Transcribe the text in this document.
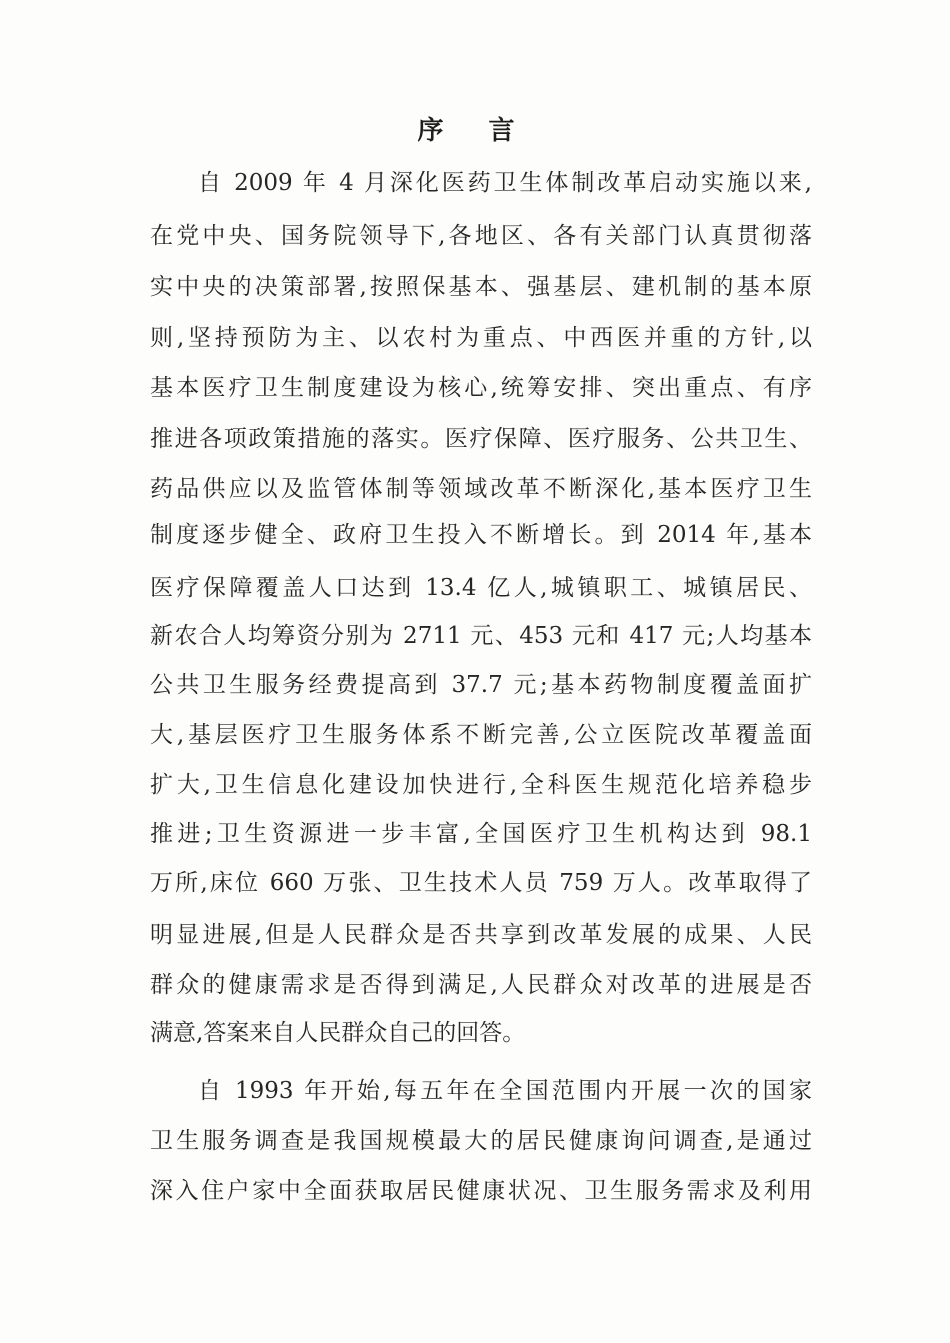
序 言
自 2009 年 4 月深化医药卫生体制改革启动实施以来,
在党中央、国务院领导下,各地区、各有关部门认真贯彻落
实中央的决策部署,按照保基本、强基层、建机制的基本原
则,坚持预防为主、以农村为重点、中西医并重的方针,以
基本医疗卫生制度建设为核心,统筹安排、突出重点、有序
推进各项政策措施的落实。医疗保障、医疗服务、公共卫生、
药品供应以及监管体制等领域改革不断深化,基本医疗卫生
制度逐步健全、政府卫生投入不断增长。到 2014 年,基本
医疗保障覆盖人口达到 13.4 亿人,城镇职工、城镇居民、
新农合人均筹资分别为 2711 元、453 元和 417 元;人均基本
公共卫生服务经费提高到 37.7 元;基本药物制度覆盖面扩
大,基层医疗卫生服务体系不断完善,公立医院改革覆盖面
扩大,卫生信息化建设加快进行,全科医生规范化培养稳步
推进;卫生资源进一步丰富,全国医疗卫生机构达到 98.1
万所,床位 660 万张、卫生技术人员 759 万人。改革取得了
明显进展,但是人民群众是否共享到改革发展的成果、人民
群众的健康需求是否得到满足,人民群众对改革的进展是否
满意,答案来自人民群众自己的回答。
自 1993 年开始,每五年在全国范围内开展一次的国家
卫生服务调查是我国规模最大的居民健康询问调查,是通过
深入住户家中全面获取居民健康状况、卫生服务需求及利用
